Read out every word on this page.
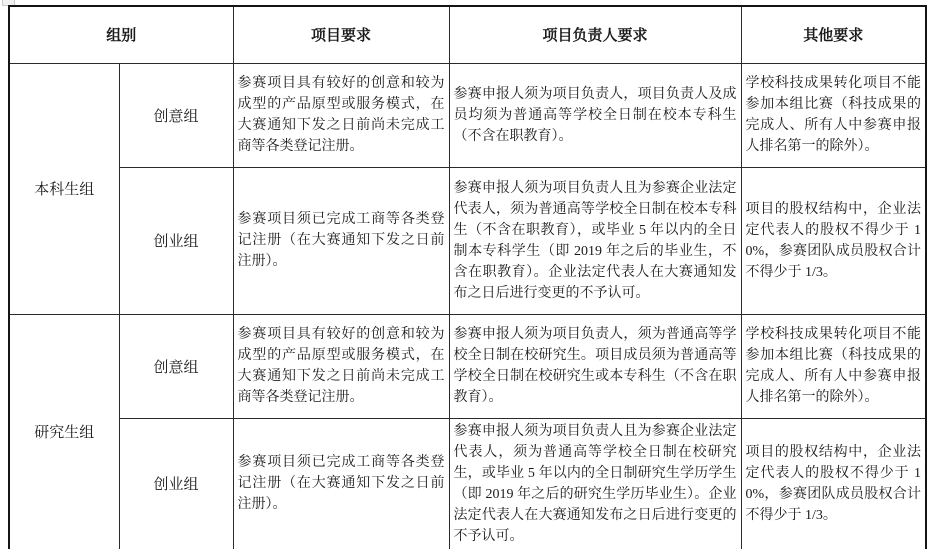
组别		项目要求	项目负责人要求	其他要求
本科生组	创意组	参赛项目具有较好的创意和较为成型的产品原型或服务模式，在大赛通知下发之日前尚未完成工商等各类登记注册。	参赛申报人须为项目负责人，项目负责人及成员均须为普通高等学校全日制在校本专科生（不含在职教育）。	学校科技成果转化项目不能参加本组比赛（科技成果的完成人、所有人中参赛申报人排名第一的除外）。
	创业组	参赛项目须已完成工商等各类登记注册（在大赛通知下发之日前注册）。	参赛申报人须为项目负责人且为参赛企业法定代表人，须为普通高等学校全日制在校本专科生（不含在职教育），或毕业 5 年以内的全日制本专科学生（即 2019 年之后的毕业生，不含在职教育）。企业法定代表人在大赛通知发布之日后进行变更的不予认可。	项目的股权结构中，企业法定代表人的股权不得少于 10%，参赛团队成员股权合计不得少于 1/3。
研究生组	创意组	参赛项目具有较好的创意和较为成型的产品原型或服务模式，在大赛通知下发之日前尚未完成工商等各类登记注册。	参赛申报人须为项目负责人，须为普通高等学校全日制在校研究生。项目成员须为普通高等学校全日制在校研究生或本专科生（不含在职教育）。	学校科技成果转化项目不能参加本组比赛（科技成果的完成人、所有人中参赛申报人排名第一的除外）。
	创业组	参赛项目须已完成工商等各类登记注册（在大赛通知下发之日前注册）。	参赛申报人须为项目负责人且为参赛企业法定代表人，须为普通高等学校全日制在校研究生，或毕业 5 年以内的全日制研究生学历学生（即 2019 年之后的研究生学历毕业生）。企业法定代表人在大赛通知发布之日后进行变更的不予认可。	项目的股权结构中，企业法定代表人的股权不得少于 10%，参赛团队成员股权合计不得少于 1/3。
